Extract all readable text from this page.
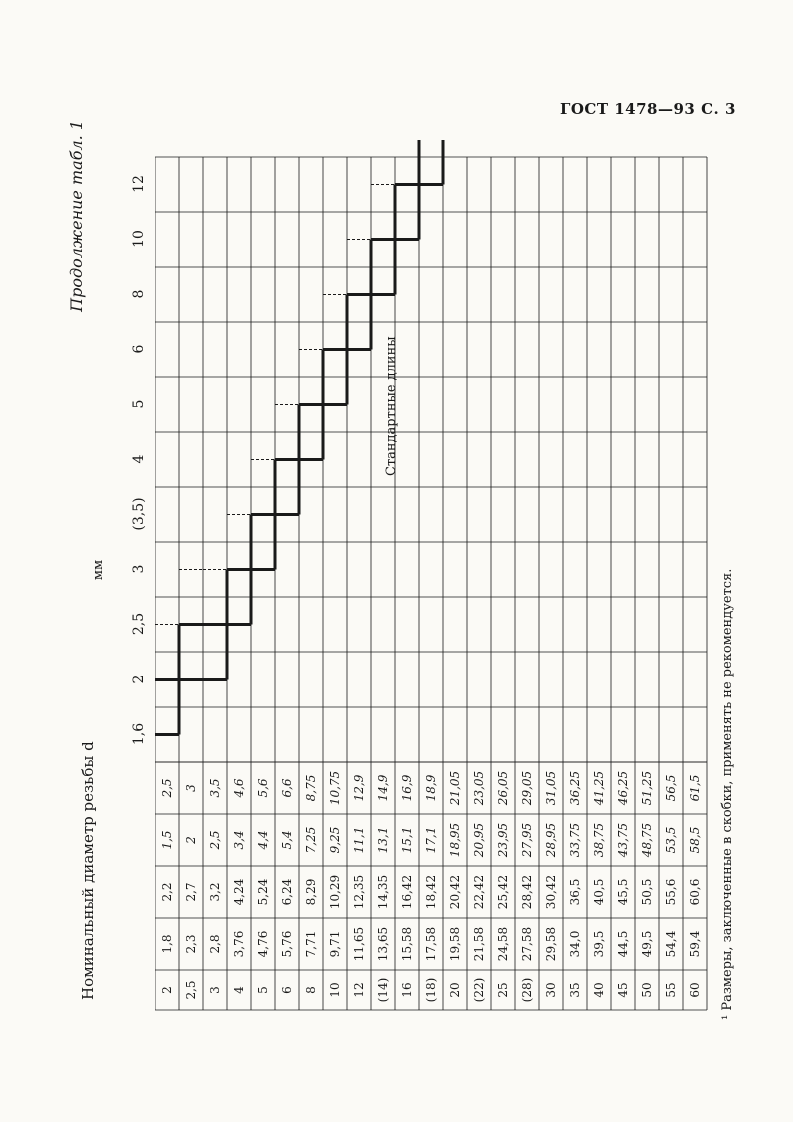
ГОСТ 1478—93 С. 3
Продолжение табл. 1
мм
Номинальный диаметр резьбы d
1,6
2
2,5
3
(3,5)
4
5
6
8
10
12
2
1,8
2,2
1,5
2,5
2,5
2,3
2,7
2
3
3
2,8
3,2
2,5
3,5
4
3,76
4,24
3,4
4,6
5
4,76
5,24
4,4
5,6
6
5,76
6,24
5,4
6,6
8
7,71
8,29
7,25
8,75
10
9,71
10,29
9,25
10,75
12
11,65
12,35
11,1
12,9
(14)
13,65
14,35
13,1
14,9
16
15,58
16,42
15,1
16,9
(18)
17,58
18,42
17,1
18,9
20
19,58
20,42
18,95
21,05
(22)
21,58
22,42
20,95
23,05
25
24,58
25,42
23,95
26,05
(28)
27,58
28,42
27,95
29,05
30
29,58
30,42
28,95
31,05
35
34,0
36,5
33,75
36,25
40
39,5
40,5
38,75
41,25
45
44,5
45,5
43,75
46,25
50
49,5
50,5
48,75
51,25
55
54,4
55,6
53,5
56,5
60
59,4
60,6
58,5
61,5
Стандартные длины
¹ Размеры, заключенные в скобки, применять не рекомендуется.
